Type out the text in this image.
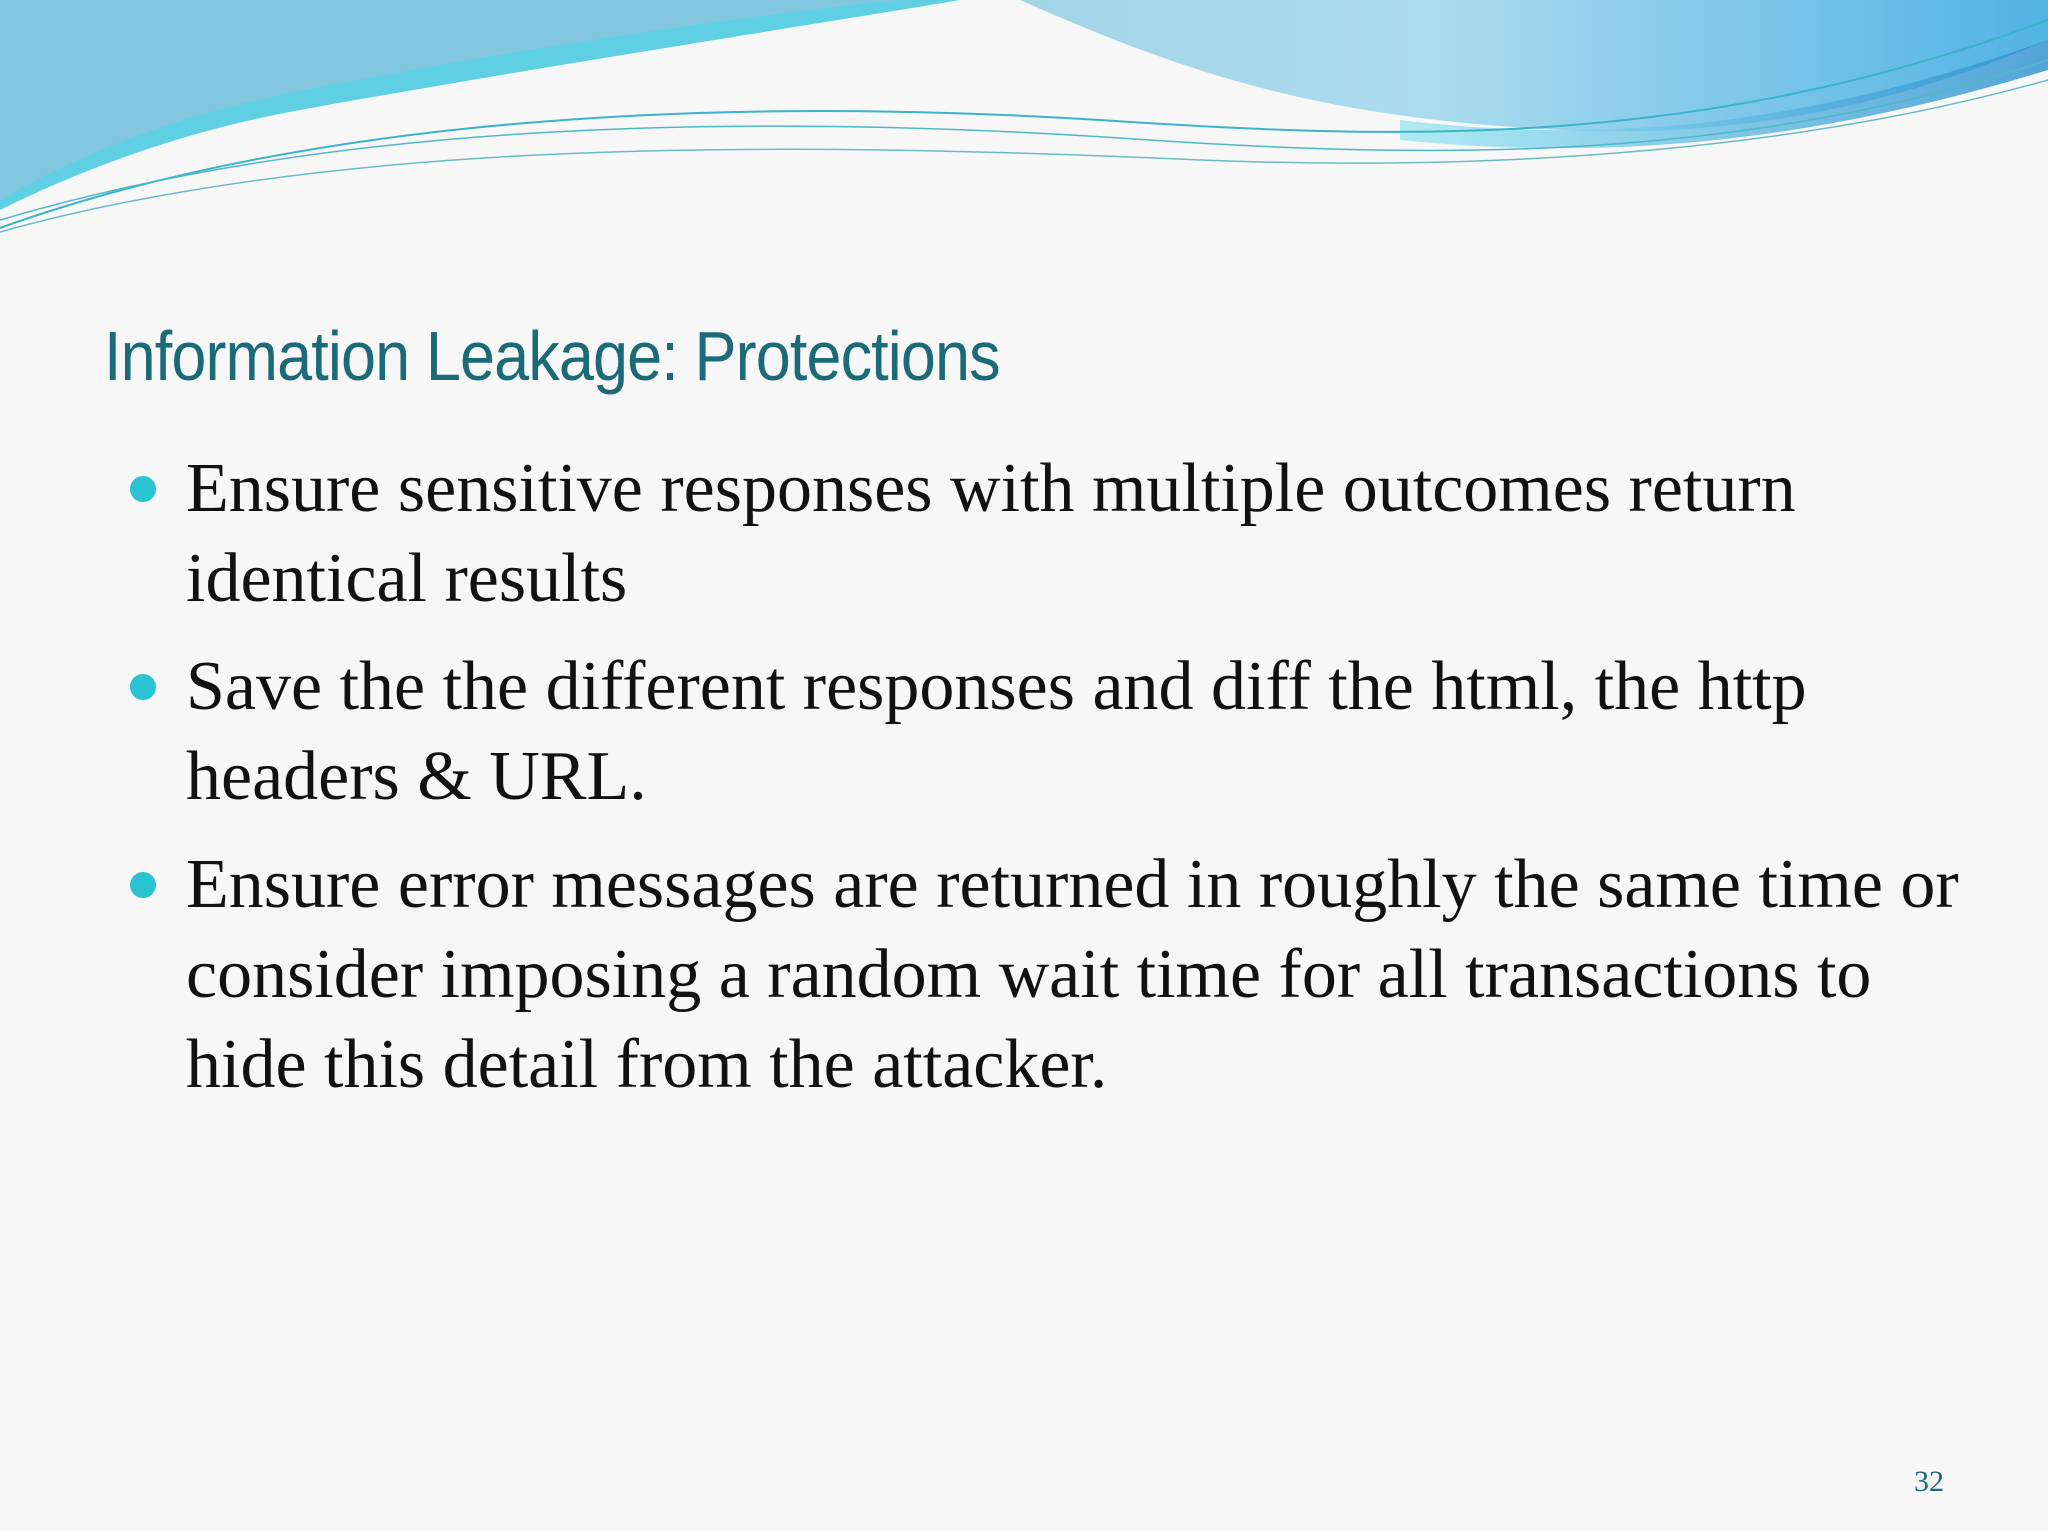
Information Leakage: Protections
Ensure sensitive responses with multiple outcomes return identical results
Save the the different responses and diff the html, the http headers & URL.
Ensure error messages are returned in roughly the same time or consider imposing a random wait time for all transactions to hide this detail from the attacker.
32
